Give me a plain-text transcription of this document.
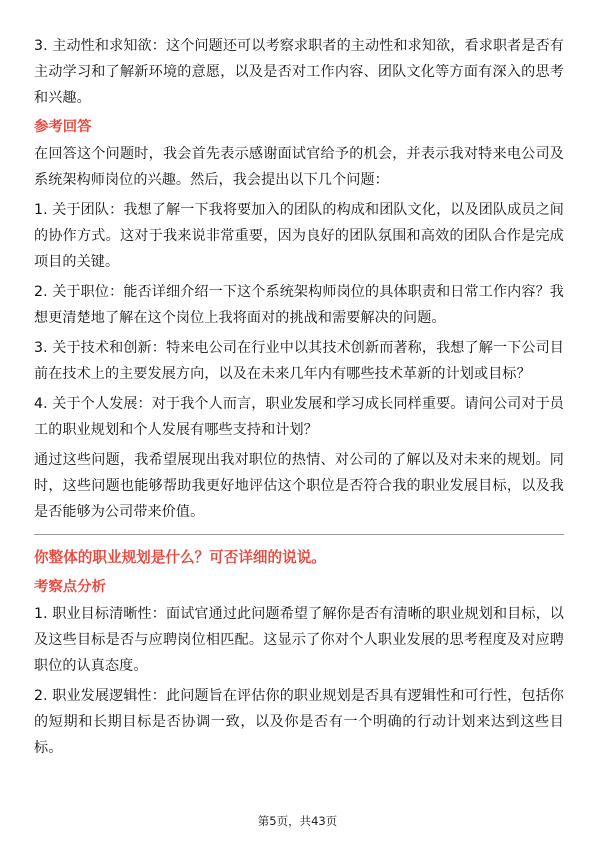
3. 主动性和求知欲：这个问题还可以考察求职者的主动性和求知欲，看求职者是否有主动学习和了解新环境的意愿，以及是否对工作内容、团队文化等方面有深入的思考和兴趣。

参考回答

在回答这个问题时，我会首先表示感谢面试官给予的机会，并表示我对特来电公司及系统架构师岗位的兴趣。然后，我会提出以下几个问题：

1. 关于团队：我想了解一下我将要加入的团队的构成和团队文化，以及团队成员之间的协作方式。这对于我来说非常重要，因为良好的团队氛围和高效的团队合作是完成项目的关键。

2. 关于职位：能否详细介绍一下这个系统架构师岗位的具体职责和日常工作内容？我想更清楚地了解在这个岗位上我将面对的挑战和需要解决的问题。

3. 关于技术和创新：特来电公司在行业中以其技术创新而著称，我想了解一下公司目前在技术上的主要发展方向，以及在未来几年内有哪些技术革新的计划或目标？

4. 关于个人发展：对于我个人而言，职业发展和学习成长同样重要。请问公司对于员工的职业规划和个人发展有哪些支持和计划？

通过这些问题，我希望展现出我对职位的热情、对公司的了解以及对未来的规划。同时，这些问题也能够帮助我更好地评估这个职位是否符合我的职业发展目标，以及我是否能够为公司带来价值。

你整体的职业规划是什么？可否详细的说说。
考察点分析

1. 职业目标清晰性：面试官通过此问题希望了解你是否有清晰的职业规划和目标，以及这些目标是否与应聘岗位相匹配。这显示了你对个人职业发展的思考程度及对应聘职位的认真态度。

2. 职业发展逻辑性：此问题旨在评估你的职业规划是否具有逻辑性和可行性，包括你的短期和长期目标是否协调一致，以及你是否有一个明确的行动计划来达到这些目标。

第5页，共43页
